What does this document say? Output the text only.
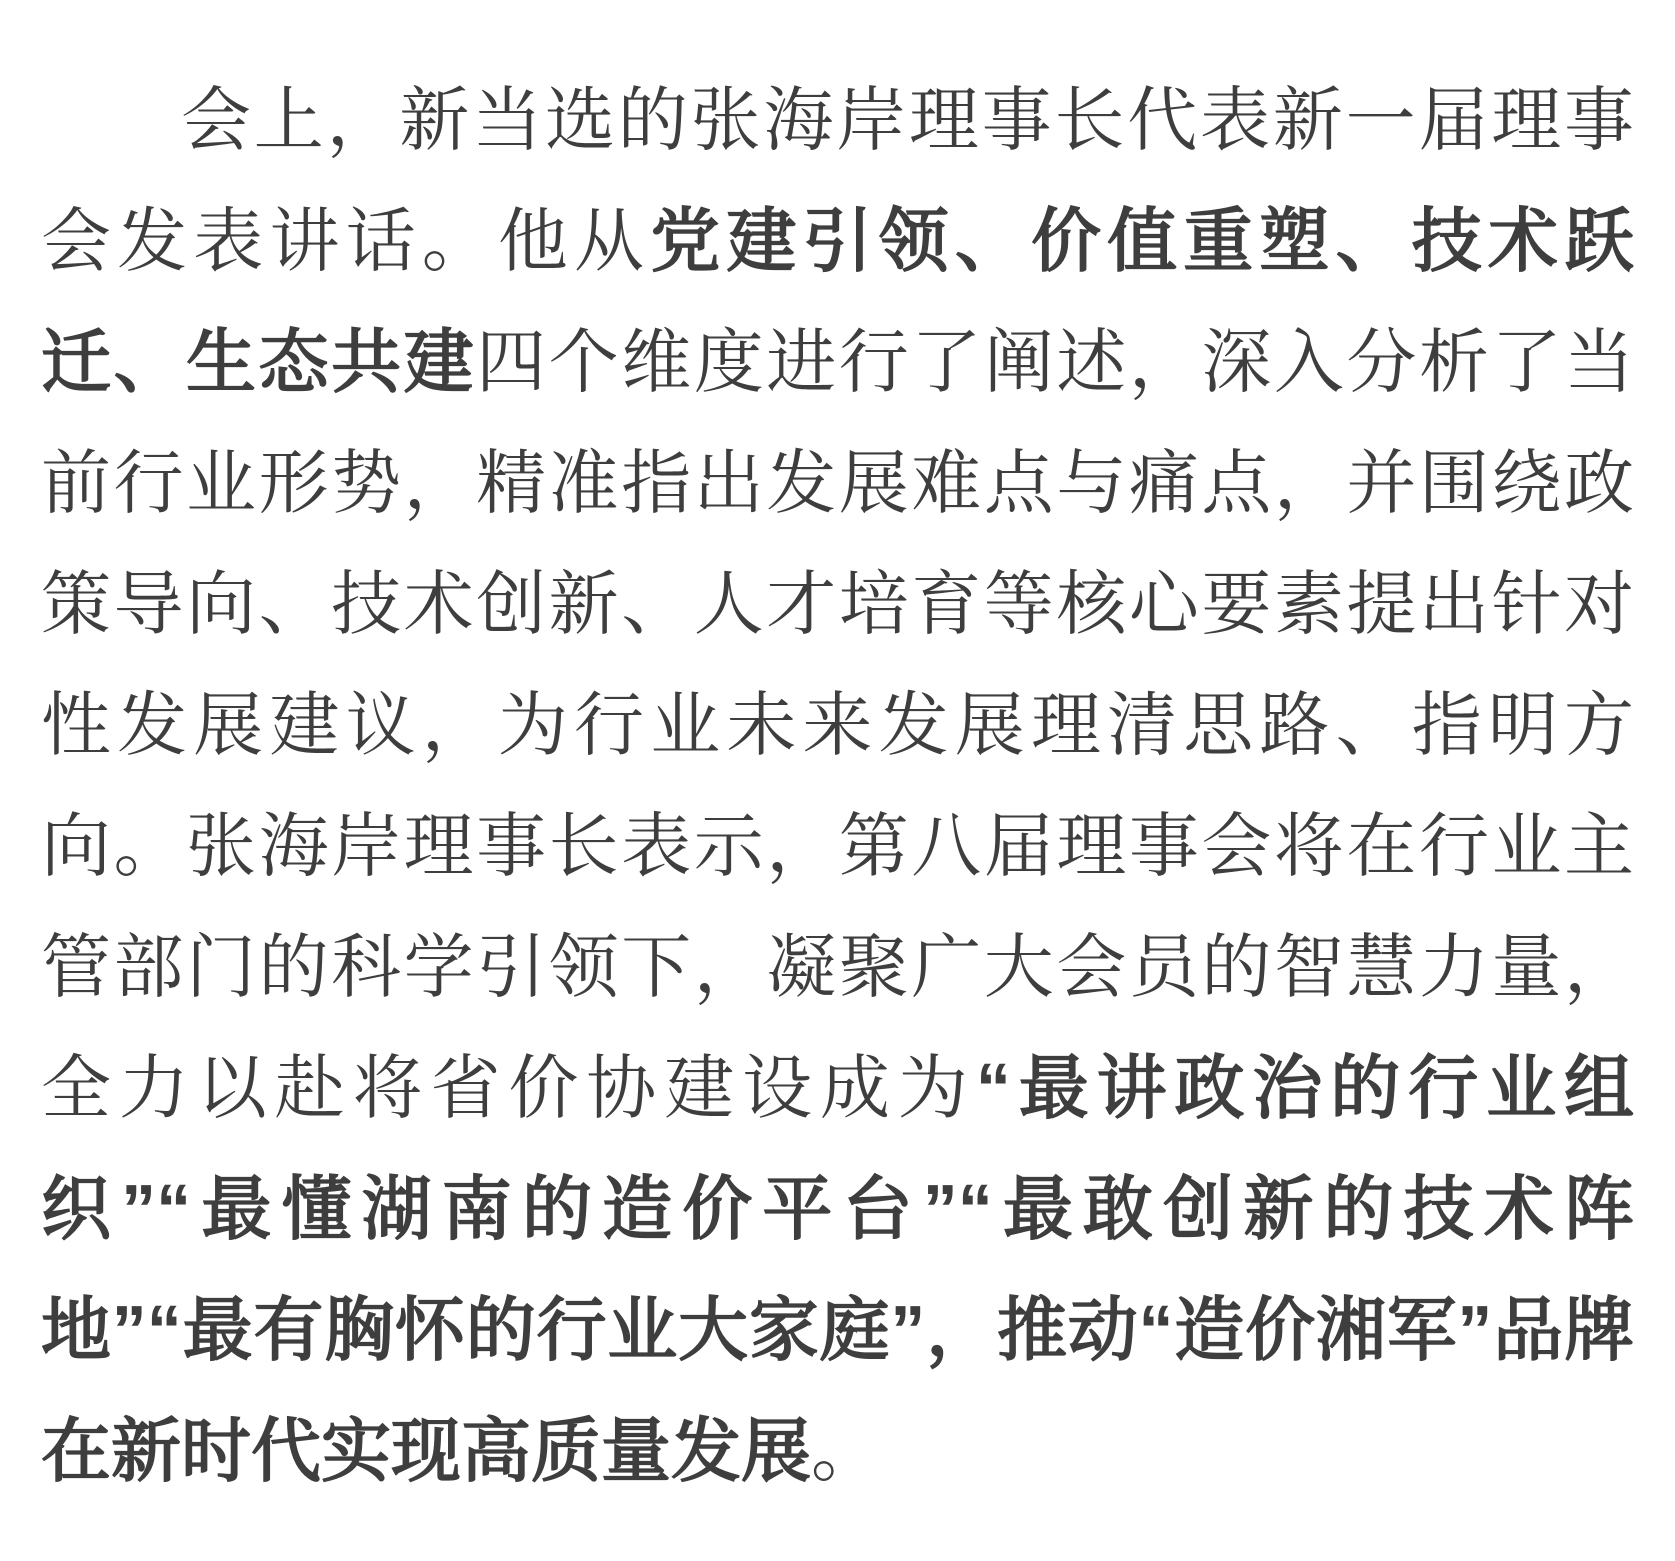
会上，新当选的张海岸理事长代表新一届理事会发表讲话。他从党建引领、价值重塑、技术跃迁、生态共建四个维度进行了阐述，深入分析了当前行业形势，精准指出发展难点与痛点，并围绕政策导向、技术创新、人才培育等核心要素提出针对性发展建议，为行业未来发展理清思路、指明方向。张海岸理事长表示，第八届理事会将在行业主管部门的科学引领下，凝聚广大会员的智慧力量，全力以赴将省价协建设成为“最讲政治的行业组织”“最懂湖南的造价平台”“最敢创新的技术阵地”“最有胸怀的行业大家庭”，推动“造价湘军”品牌在新时代实现高质量发展。
